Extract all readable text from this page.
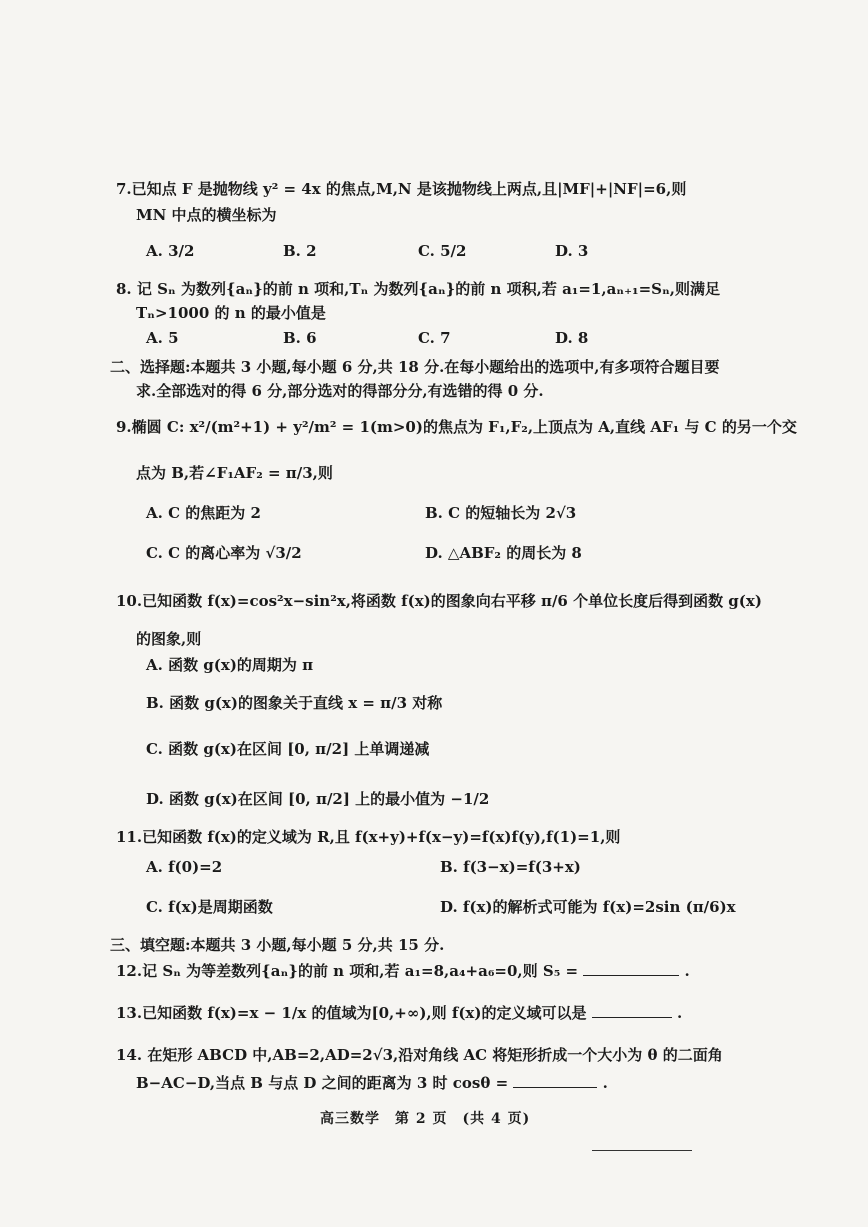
7.已知点 F 是抛物线 y² = 4x 的焦点,M,N 是该抛物线上两点,且|MF|+|NF|=6,则
MN 中点的横坐标为
A. 3/2	B. 2	C. 5/2	D. 3
8. 记 Sₙ 为数列{aₙ}的前 n 项和,Tₙ 为数列{aₙ}的前 n 项积,若 a₁=1,aₙ₊₁=Sₙ,则满足
Tₙ>1000 的 n 的最小值是
A. 5	B. 6	C. 7	D. 8
二、选择题:本题共 3 小题,每小题 6 分,共 18 分.在每小题给出的选项中,有多项符合题目要
求.全部选对的得 6 分,部分选对的得部分分,有选错的得 0 分.
9.椭圆 C: x²/(m²+1) + y²/m² = 1(m>0)的焦点为 F₁,F₂,上顶点为 A,直线 AF₁ 与 C 的另一个交
点为 B,若∠F₁AF₂ = π/3,则
A. C 的焦距为 2	B. C 的短轴长为 2√3
C. C 的离心率为 √3/2	D. △ABF₂ 的周长为 8
10.已知函数 f(x)=cos²x−sin²x,将函数 f(x)的图象向右平移 π/6 个单位长度后得到函数 g(x)
的图象,则
A. 函数 g(x)的周期为 π
B. 函数 g(x)的图象关于直线 x = π/3 对称
C. 函数 g(x)在区间 [0, π/2] 上单调递减
D. 函数 g(x)在区间 [0, π/2] 上的最小值为 −1/2
11.已知函数 f(x)的定义域为 R,且 f(x+y)+f(x−y)=f(x)f(y),f(1)=1,则
A. f(0)=2	B. f(3−x)=f(3+x)
C. f(x)是周期函数	D. f(x)的解析式可能为 f(x)=2sin (π/6)x
三、填空题:本题共 3 小题,每小题 5 分,共 15 分.
12.记 Sₙ 为等差数列{aₙ}的前 n 项和,若 a₁=8,a₄+a₆=0,则 S₅ =	.
13.已知函数 f(x)=x − 1/x 的值域为[0,+∞),则 f(x)的定义域可以是	.
14. 在矩形 ABCD 中,AB=2,AD=2√3,沿对角线 AC 将矩形折成一个大小为 θ 的二面角
B−AC−D,当点 B 与点 D 之间的距离为 3 时 cosθ =	.
高三数学　第 2 页　(共 4 页)
